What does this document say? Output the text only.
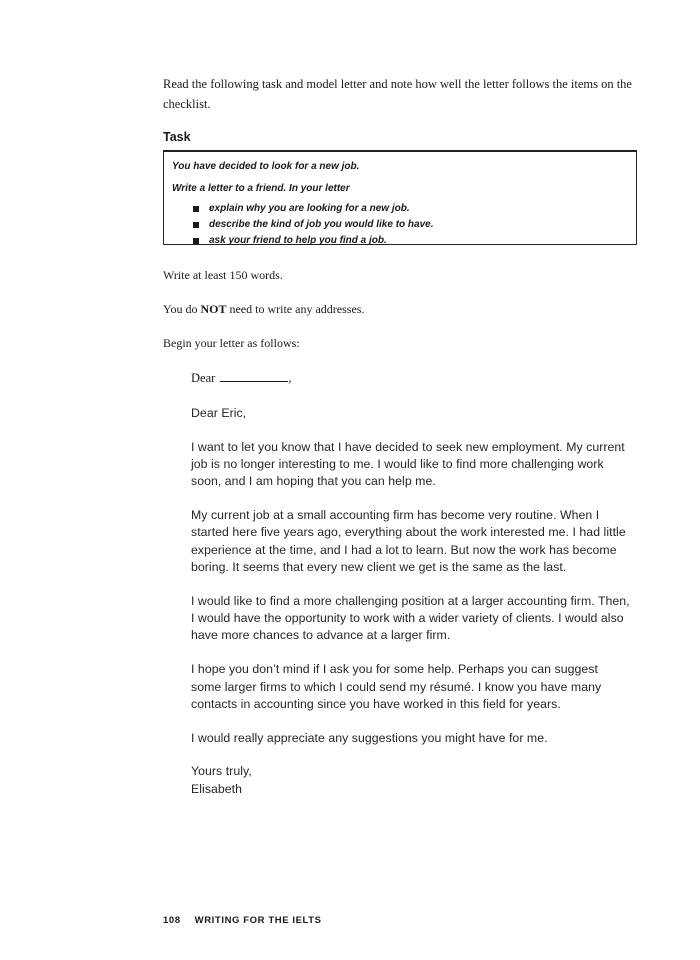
Read the following task and model letter and note how well the letter follows the items on the checklist.
Task
You have decided to look for a new job.
Write a letter to a friend. In your letter
explain why you are looking for a new job.
describe the kind of job you would like to have.
ask your friend to help you find a job.
Write at least 150 words.
You do NOT need to write any addresses.
Begin your letter as follows:
Dear	,

Dear Eric,

I want to let you know that I have decided to seek new employment. My current job is no longer interesting to me. I would like to find more challenging work soon, and I am hoping that you can help me.

My current job at a small accounting firm has become very routine. When I started here five years ago, everything about the work interested me. I had little experience at the time, and I had a lot to learn. But now the work has become boring. It seems that every new client we get is the same as the last.

I would like to find a more challenging position at a larger accounting firm. Then, I would have the opportunity to work with a wider variety of clients. I would also have more chances to advance at a larger firm.

I hope you don’t mind if I ask you for some help. Perhaps you can suggest some larger firms to which I could send my résumé. I know you have many contacts in accounting since you have worked in this field for years.

I would really appreciate any suggestions you might have for me.

Yours truly,

Elisabeth

108 WRITING FOR THE IELTS
